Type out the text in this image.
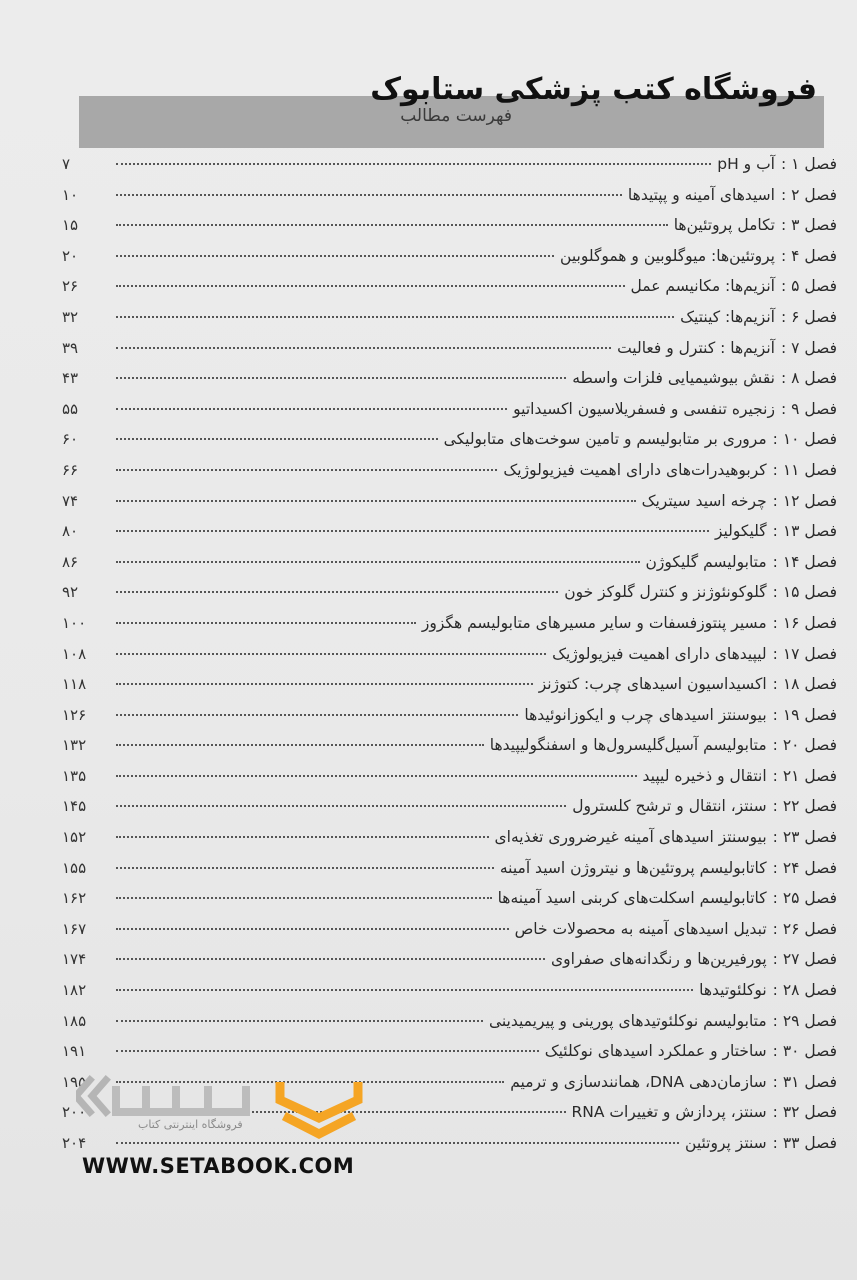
فروشگاه کتب پزشکی ستابوک
فهرست مطالب
فصل ۱ :
آب و pH
۷
فصل ۲ :
اسیدهای آمینه و پپتیدها
۱۰
فصل ۳ :
تکامل پروتئین‌ها
۱۵
فصل ۴ :
پروتئین‌ها: میوگلوبین و هموگلوبین
۲۰
فصل ۵ :
آنزیم‌ها: مکانیسم عمل
۲۶
فصل ۶ :
آنزیم‌ها: کینتیک
۳۲
فصل ۷ :
آنزیم‌ها : کنترل و فعالیت
۳۹
فصل ۸ :
نقش بیوشیمیایی فلزات واسطه
۴۳
فصل ۹ :
زنجیره تنفسی و فسفریلاسیون اکسیداتیو
۵۵
فصل ۱۰ :
مروری بر متابولیسم و تامین سوخت‌های متابولیکی
۶۰
فصل ۱۱ :
کربوهیدرات‌های دارای اهمیت فیزیولوژیک
۶۶
فصل ۱۲ :
چرخه اسید سیتریک
۷۴
فصل ۱۳ :
گلیکولیز
۸۰
فصل ۱۴ :
متابولیسم گلیکوژن
۸۶
فصل ۱۵ :
گلوکونئوژنز و کنترل گلوکز خون
۹۲
فصل ۱۶ :
مسیر پنتوزفسفات و سایر مسیرهای متابولیسم هگزوز
۱۰۰
فصل ۱۷ :
لیپیدهای دارای اهمیت فیزیولوژیک
۱۰۸
فصل ۱۸ :
اکسیداسیون اسیدهای چرب: کتوژنز
۱۱۸
فصل ۱۹ :
بیوسنتز اسیدهای چرب و ایکوزانوئیدها
۱۲۶
فصل ۲۰ :
متابولیسم آسیل‌گلیسرول‌ها و اسفنگولیپیدها
۱۳۲
فصل ۲۱ :
انتقال و ذخیره لیپید
۱۳۵
فصل ۲۲ :
سنتز، انتقال و ترشح کلسترول
۱۴۵
فصل ۲۳ :
بیوسنتز اسیدهای آمینه غیرضروری تغذیه‌ای
۱۵۲
فصل ۲۴ :
کاتابولیسم پروتئین‌ها و نیتروژن اسید آمینه
۱۵۵
فصل ۲۵ :
کاتابولیسم اسکلت‌های کربنی اسید آمینه‌ها
۱۶۲
فصل ۲۶ :
تبدیل اسیدهای آمینه به محصولات خاص
۱۶۷
فصل ۲۷ :
پورفیرین‌ها و رنگدانه‌های صفراوی
۱۷۴
فصل ۲۸ :
نوکلئوتیدها
۱۸۲
فصل ۲۹ :
متابولیسم نوکلئوتیدهای پورینی و پیریمیدینی
۱۸۵
فصل ۳۰ :
ساختار و عملکرد اسیدهای نوکلئیک
۱۹۱
فصل ۳۱ :
سازمان‌دهی DNA، همانندسازی و ترمیم
۱۹۵
فصل ۳۲ :
سنتز، پردازش و تغییرات RNA
۲۰۰
فصل ۳۳ :
سنتز پروتئین
۲۰۴
فروشگاه اینترنتی کتاب
WWW.SETABOOK.COM
